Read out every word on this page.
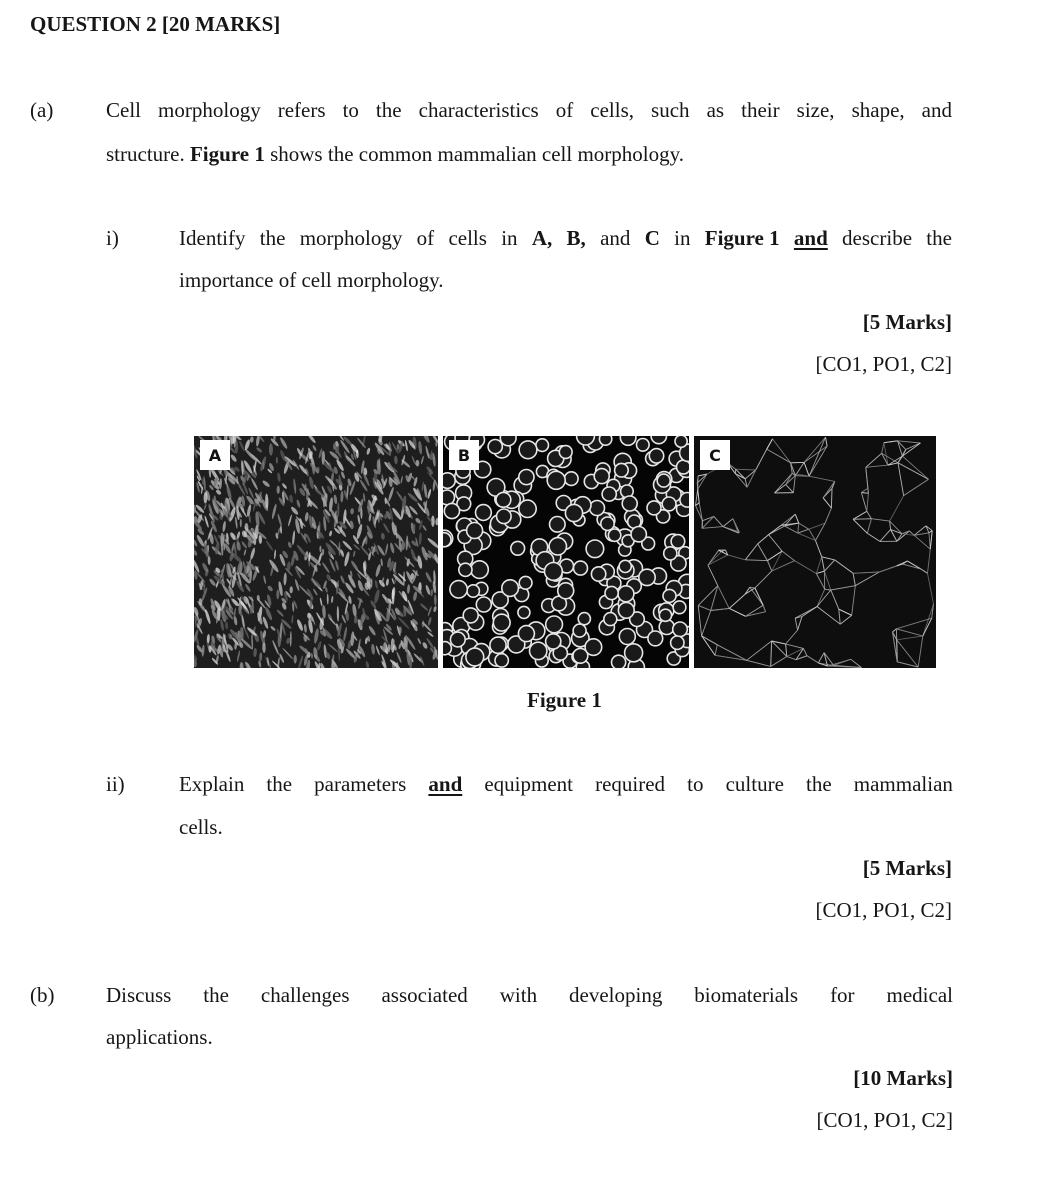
QUESTION 2 [20 MARKS]
(a)	Cell morphology refers to the characteristics of cells, such as their size, shape, and
structure. Figure 1 shows the common mammalian cell morphology.
i)	Identify the morphology of cells in A, B, and C in Figure 1 and describe the
importance of cell morphology.
[5 Marks]
[CO1, PO1, C2]
A	B	C
Figure 1
ii)	Explain the parameters and equipment required to culture the mammalian
cells.
[5 Marks]
[CO1, PO1, C2]
(b) Discuss the challenges associated with developing biomaterials for medical
applications.
[10 Marks]
[CO1, PO1, C2]
